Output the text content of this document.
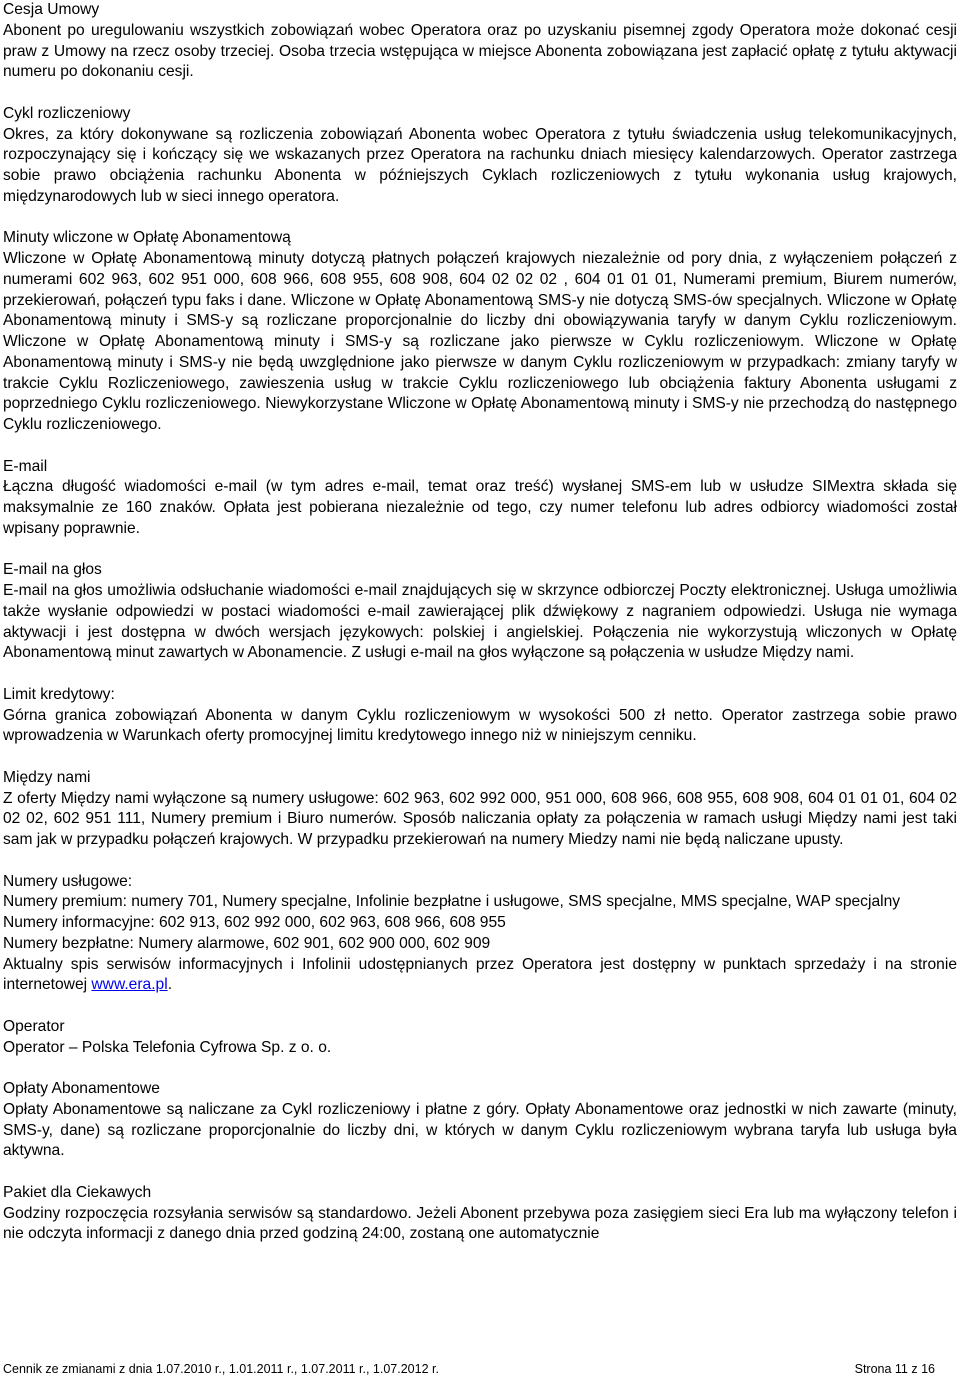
Cesja Umowy
Abonent po uregulowaniu wszystkich zobowiązań wobec Operatora oraz po uzyskaniu pisemnej zgody Operatora może dokonać cesji praw z Umowy na rzecz osoby trzeciej. Osoba trzecia wstępująca w miejsce Abonenta zobowiązana jest zapłacić opłatę z tytułu aktywacji numeru po dokonaniu cesji.
Cykl rozliczeniowy
Okres, za który dokonywane są rozliczenia zobowiązań Abonenta wobec Operatora z tytułu świadczenia usług telekomunikacyjnych, rozpoczynający się i kończący się we wskazanych przez Operatora na rachunku dniach miesięcy kalendarzowych. Operator zastrzega sobie prawo obciążenia rachunku Abonenta w późniejszych Cyklach rozliczeniowych z tytułu wykonania usług krajowych, międzynarodowych lub w sieci innego operatora.
Minuty wliczone w Opłatę Abonamentową
Wliczone w Opłatę Abonamentową minuty dotyczą płatnych połączeń krajowych niezależnie od pory dnia, z wyłączeniem połączeń z numerami 602 963, 602 951 000, 608 966, 608 955, 608 908, 604 02 02 02 , 604 01 01 01, Numerami premium, Biurem numerów, przekierowań, połączeń typu faks i dane. Wliczone w Opłatę Abonamentową SMS-y nie dotyczą SMS-ów specjalnych. Wliczone w Opłatę Abonamentową minuty i SMS-y są rozliczane proporcjonalnie do liczby dni obowiązywania taryfy w danym Cyklu rozliczeniowym. Wliczone w Opłatę Abonamentową minuty i SMS-y są rozliczane jako pierwsze w Cyklu rozliczeniowym. Wliczone w Opłatę Abonamentową minuty i SMS-y nie będą uwzględnione jako pierwsze w danym Cyklu rozliczeniowym w przypadkach: zmiany taryfy w trakcie Cyklu Rozliczeniowego, zawieszenia usług w trakcie Cyklu rozliczeniowego lub obciążenia faktury Abonenta usługami z poprzedniego Cyklu rozliczeniowego. Niewykorzystane Wliczone w Opłatę Abonamentową minuty i SMS-y nie przechodzą do następnego Cyklu rozliczeniowego.
E-mail
Łączna długość wiadomości e-mail (w tym adres e-mail, temat oraz treść) wysłanej SMS-em lub w usłudze SIMextra składa się maksymalnie ze 160 znaków. Opłata jest pobierana niezależnie od tego, czy numer telefonu lub adres odbiorcy wiadomości został wpisany poprawnie.
E-mail na głos
E-mail na głos umożliwia odsłuchanie wiadomości e-mail znajdujących się w skrzynce odbiorczej Poczty elektronicznej. Usługa umożliwia także wysłanie odpowiedzi w postaci wiadomości e-mail zawierającej plik dźwiękowy z nagraniem odpowiedzi. Usługa nie wymaga aktywacji i jest dostępna w dwóch wersjach językowych: polskiej i angielskiej. Połączenia nie wykorzystują wliczonych w Opłatę Abonamentową minut zawartych w Abonamencie. Z usługi e-mail na głos wyłączone są połączenia w usłudze Między nami.
Limit kredytowy:
Górna granica zobowiązań Abonenta w danym Cyklu rozliczeniowym w wysokości 500 zł netto. Operator zastrzega sobie prawo wprowadzenia w Warunkach oferty promocyjnej limitu kredytowego innego niż w niniejszym cenniku.
Między nami
Z oferty Między nami wyłączone są numery usługowe: 602 963, 602 992 000, 951 000, 608 966, 608 955, 608 908, 604 01 01 01, 604 02 02 02, 602 951 111, Numery premium i Biuro numerów. Sposób naliczania opłaty za połączenia w ramach usługi Między nami jest taki sam jak w przypadku połączeń krajowych. W przypadku przekierowań na numery Miedzy nami nie będą naliczane upusty.
Numery usługowe:
Numery premium: numery 701, Numery specjalne, Infolinie bezpłatne i usługowe, SMS specjalne, MMS specjalne, WAP specjalny
Numery informacyjne: 602 913, 602 992 000, 602 963, 608 966, 608 955
Numery bezpłatne: Numery alarmowe, 602 901, 602 900 000, 602 909
Aktualny spis serwisów informacyjnych i Infolinii udostępnianych przez Operatora jest dostępny w punktach sprzedaży i na stronie internetowej www.era.pl.
Operator
Operator – Polska Telefonia Cyfrowa Sp. z o. o.
Opłaty Abonamentowe
Opłaty Abonamentowe są naliczane za Cykl rozliczeniowy i płatne z góry. Opłaty Abonamentowe oraz jednostki w nich zawarte (minuty, SMS-y, dane) są rozliczane proporcjonalnie do liczby dni, w których w danym Cyklu rozliczeniowym wybrana taryfa lub usługa była aktywna.
Pakiet dla Ciekawych
Godziny rozpoczęcia rozsyłania serwisów są standardowo. Jeżeli Abonent przebywa poza zasięgiem sieci Era lub ma wyłączony telefon i nie odczyta informacji z danego dnia przed godziną 24:00, zostaną one automatycznie
Cennik ze zmianami z dnia 1.07.2010 r., 1.01.2011 r., 1.07.2011 r., 1.07.2012 r.	Strona 11 z 16
